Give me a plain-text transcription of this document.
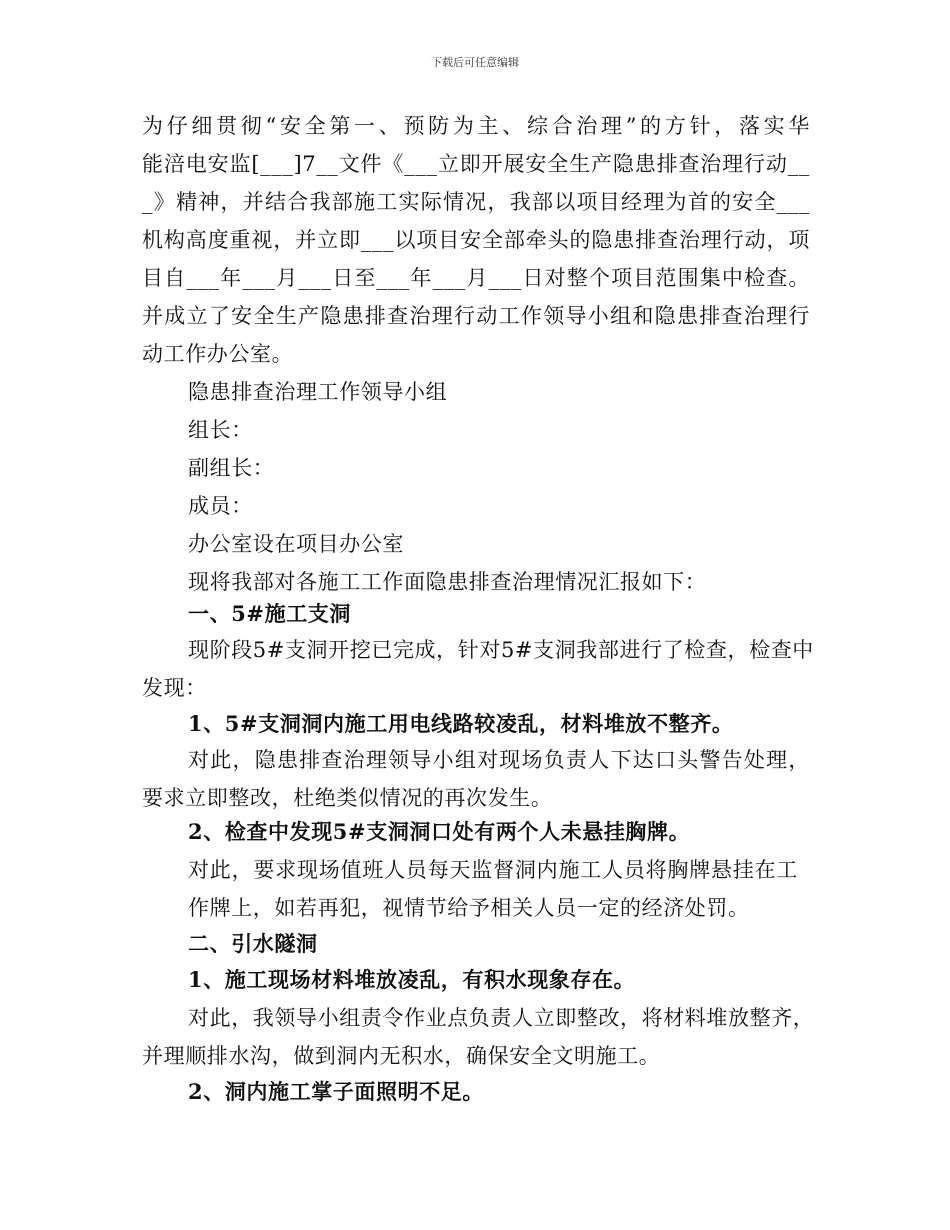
下载后可任意编辑
为仔细贯彻“安全第一、预防为主、综合治理”的方针，落实华
能涪电安监[___]7__文件《___立即开展安全生产隐患排查治理行动__
_》精神，并结合我部施工实际情况，我部以项目经理为首的安全___
机构高度重视，并立即___以项目安全部牵头的隐患排查治理行动，项
目自___年___月___日至___年___月___日对整个项目范围集中检查。
并成立了安全生产隐患排查治理行动工作领导小组和隐患排查治理行
动工作办公室。
隐患排查治理工作领导小组
组长：
副组长：
成员：
办公室设在项目办公室
现将我部对各施工工作面隐患排查治理情况汇报如下：
一、5#施工支洞
现阶段5#支洞开挖已完成，针对5#支洞我部进行了检查，检查中
发现：
1、5#支洞洞内施工用电线路较凌乱，材料堆放不整齐。
对此，隐患排查治理领导小组对现场负责人下达口头警告处理，
要求立即整改，杜绝类似情况的再次发生。
2、检查中发现5#支洞洞口处有两个人未悬挂胸牌。
对此，要求现场值班人员每天监督洞内施工人员将胸牌悬挂在工
作牌上，如若再犯，视情节给予相关人员一定的经济处罚。
二、引水隧洞
1、施工现场材料堆放凌乱，有积水现象存在。
对此，我领导小组责令作业点负责人立即整改，将材料堆放整齐，
并理顺排水沟，做到洞内无积水，确保安全文明施工。
2、洞内施工掌子面照明不足。
